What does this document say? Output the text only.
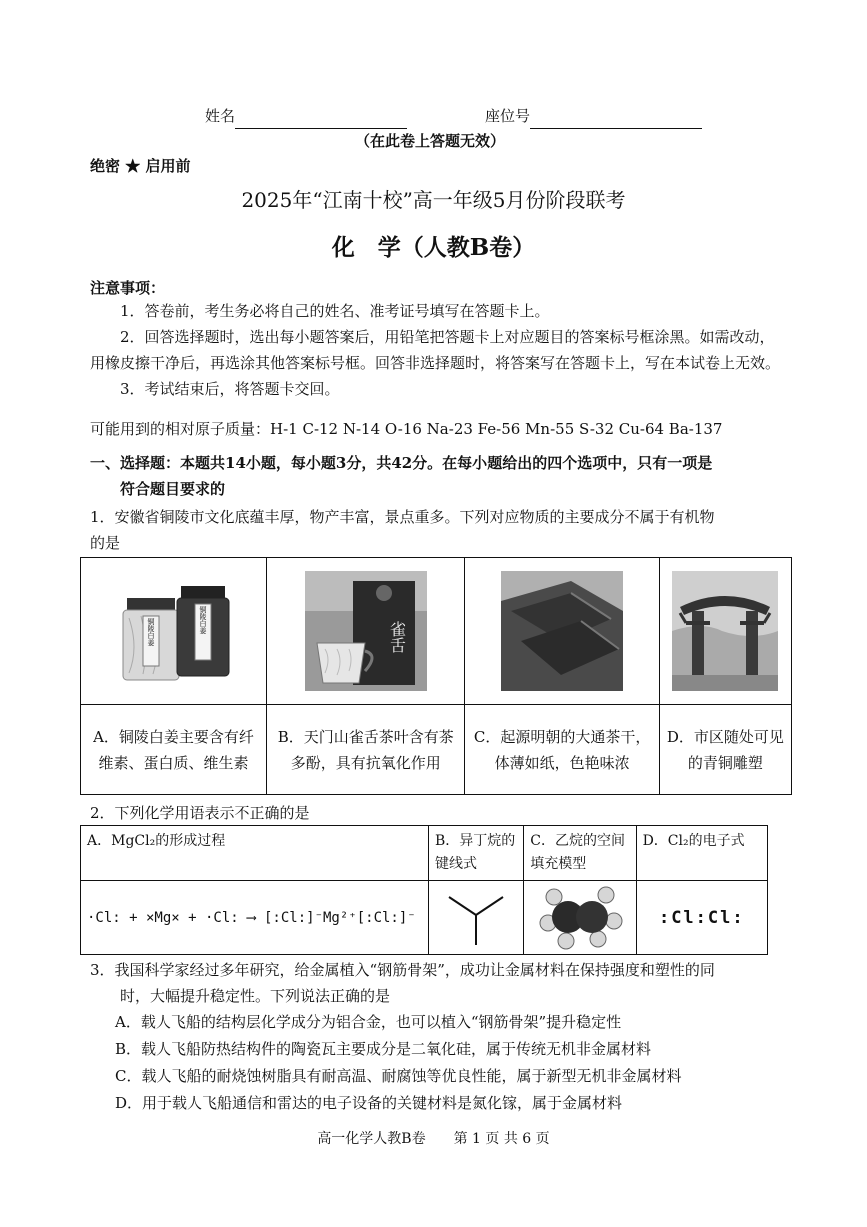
姓名	座位号
（在此卷上答题无效）
绝密 ★ 启用前
2025年“江南十校”高一年级5月份阶段联考
化　学（人教B卷）
注意事项：
1．答卷前，考生务必将自己的姓名、准考证号填写在答题卡上。
2．回答选择题时，选出每小题答案后，用铅笔把答题卡上对应题目的答案标号框涂黑。如需改动，用橡皮擦干净后，再选涂其他答案标号框。回答非选择题时，将答案写在答题卡上，写在本试卷上无效。
3．考试结束后，将答题卡交回。
可能用到的相对原子质量：H-1 C-12 N-14 O-16 Na-23 Fe-56 Mn-55 S-32 Cu-64 Ba-137
一、选择题：本题共14小题，每小题3分，共42分。在每小题给出的四个选项中，只有一项是
符合题目要求的
1．安徽省铜陵市文化底蕴丰厚，物产丰富，景点重多。下列对应物质的主要成分不属于有机物
的是
铜陵白姜 铜陵白姜	雀舌

A．铜陵白姜主要含有纤维素、蛋白质、维生素	B．天门山雀舌茶叶含有茶多酚，具有抗氧化作用	C．起源明朝的大通茶干，体薄如纸，色艳味浓	D．市区随处可见的青铜雕塑
2．下列化学用语表示不正确的是
A．MgCl₂的形成过程	B．异丁烷的键线式	C．乙烷的空间填充模型	D．Cl₂的电子式

·Cl: + ×Mg× + ·Cl: ⟶ [:Cl:]⁻Mg²⁺[:Cl:]⁻			:Cl:Cl:
3．我国科学家经过多年研究，给金属植入“钢筋骨架”，成功让金属材料在保持强度和塑性的同
时，大幅提升稳定性。下列说法正确的是
A．载人飞船的结构层化学成分为铝合金，也可以植入“钢筋骨架”提升稳定性
B．载人飞船防热结构件的陶瓷瓦主要成分是二氧化硅，属于传统无机非金属材料
C．载人飞船的耐烧蚀树脂具有耐高温、耐腐蚀等优良性能，属于新型无机非金属材料
D．用于载人飞船通信和雷达的电子设备的关键材料是氮化镓，属于金属材料
高一化学人教B卷　　第 1 页 共 6 页
